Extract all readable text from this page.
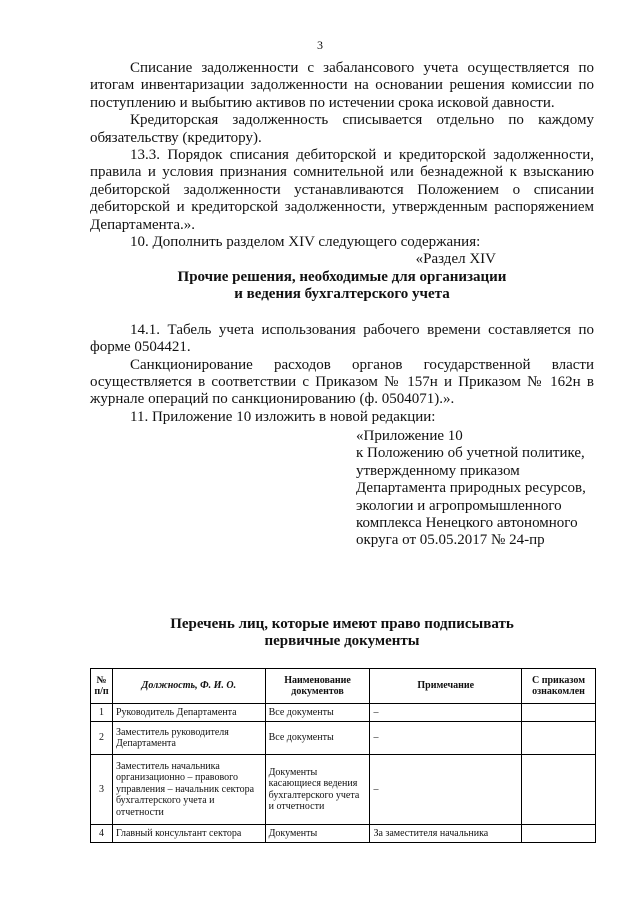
3

Списание задолженности с забалансового учета осуществляется по итогам инвентаризации задолженности на основании решения комиссии по поступлению и выбытию активов по истечении срока исковой давности.

Кредиторская задолженность списывается отдельно по каждому обязательству (кредитору).

13.3. Порядок списания дебиторской и кредиторской задолженности, правила и условия признания сомнительной или безнадежной к взысканию дебиторской задолженности устанавливаются Положением о списании дебиторской и кредиторской задолженности, утвержденным распоряжением Департамента.».

10. Дополнить разделом XIV следующего содержания:

«Раздел XIV

Прочие решения, необходимые для организации

и ведения бухгалтерского учета

14.1. Табель учета использования рабочего времени составляется по форме 0504421.

Санкционирование расходов органов государственной власти осуществляется в соответствии с Приказом № 157н и Приказом № 162н в журнале операций по санкционированию (ф. 0504071).».

11. Приложение 10 изложить в новой редакции:

«Приложение 10
к Положению об учетной политике,
утвержденному приказом
Департамента природных ресурсов,
экологии и агропромышленного
комплекса Ненецкого автономного
округа от 05.05.2017 № 24-пр
Перечень лиц, которые имеют право подписывать
первичные документы
№ п/п	Должность, Ф. И. О.	Наименование документов	Примечание	С приказом ознакомлен
1	Руководитель Департамента	Все документы	–	
2	Заместитель руководителя Департамента	Все документы	–	
3	Заместитель начальника организационно – правового управления – начальник сектора бухгалтерского учета и отчетности	Документы касающиеся ведения бухгалтерского учета и отчетности	–	
4	Главный консультант сектора	Документы	За заместителя начальника	
